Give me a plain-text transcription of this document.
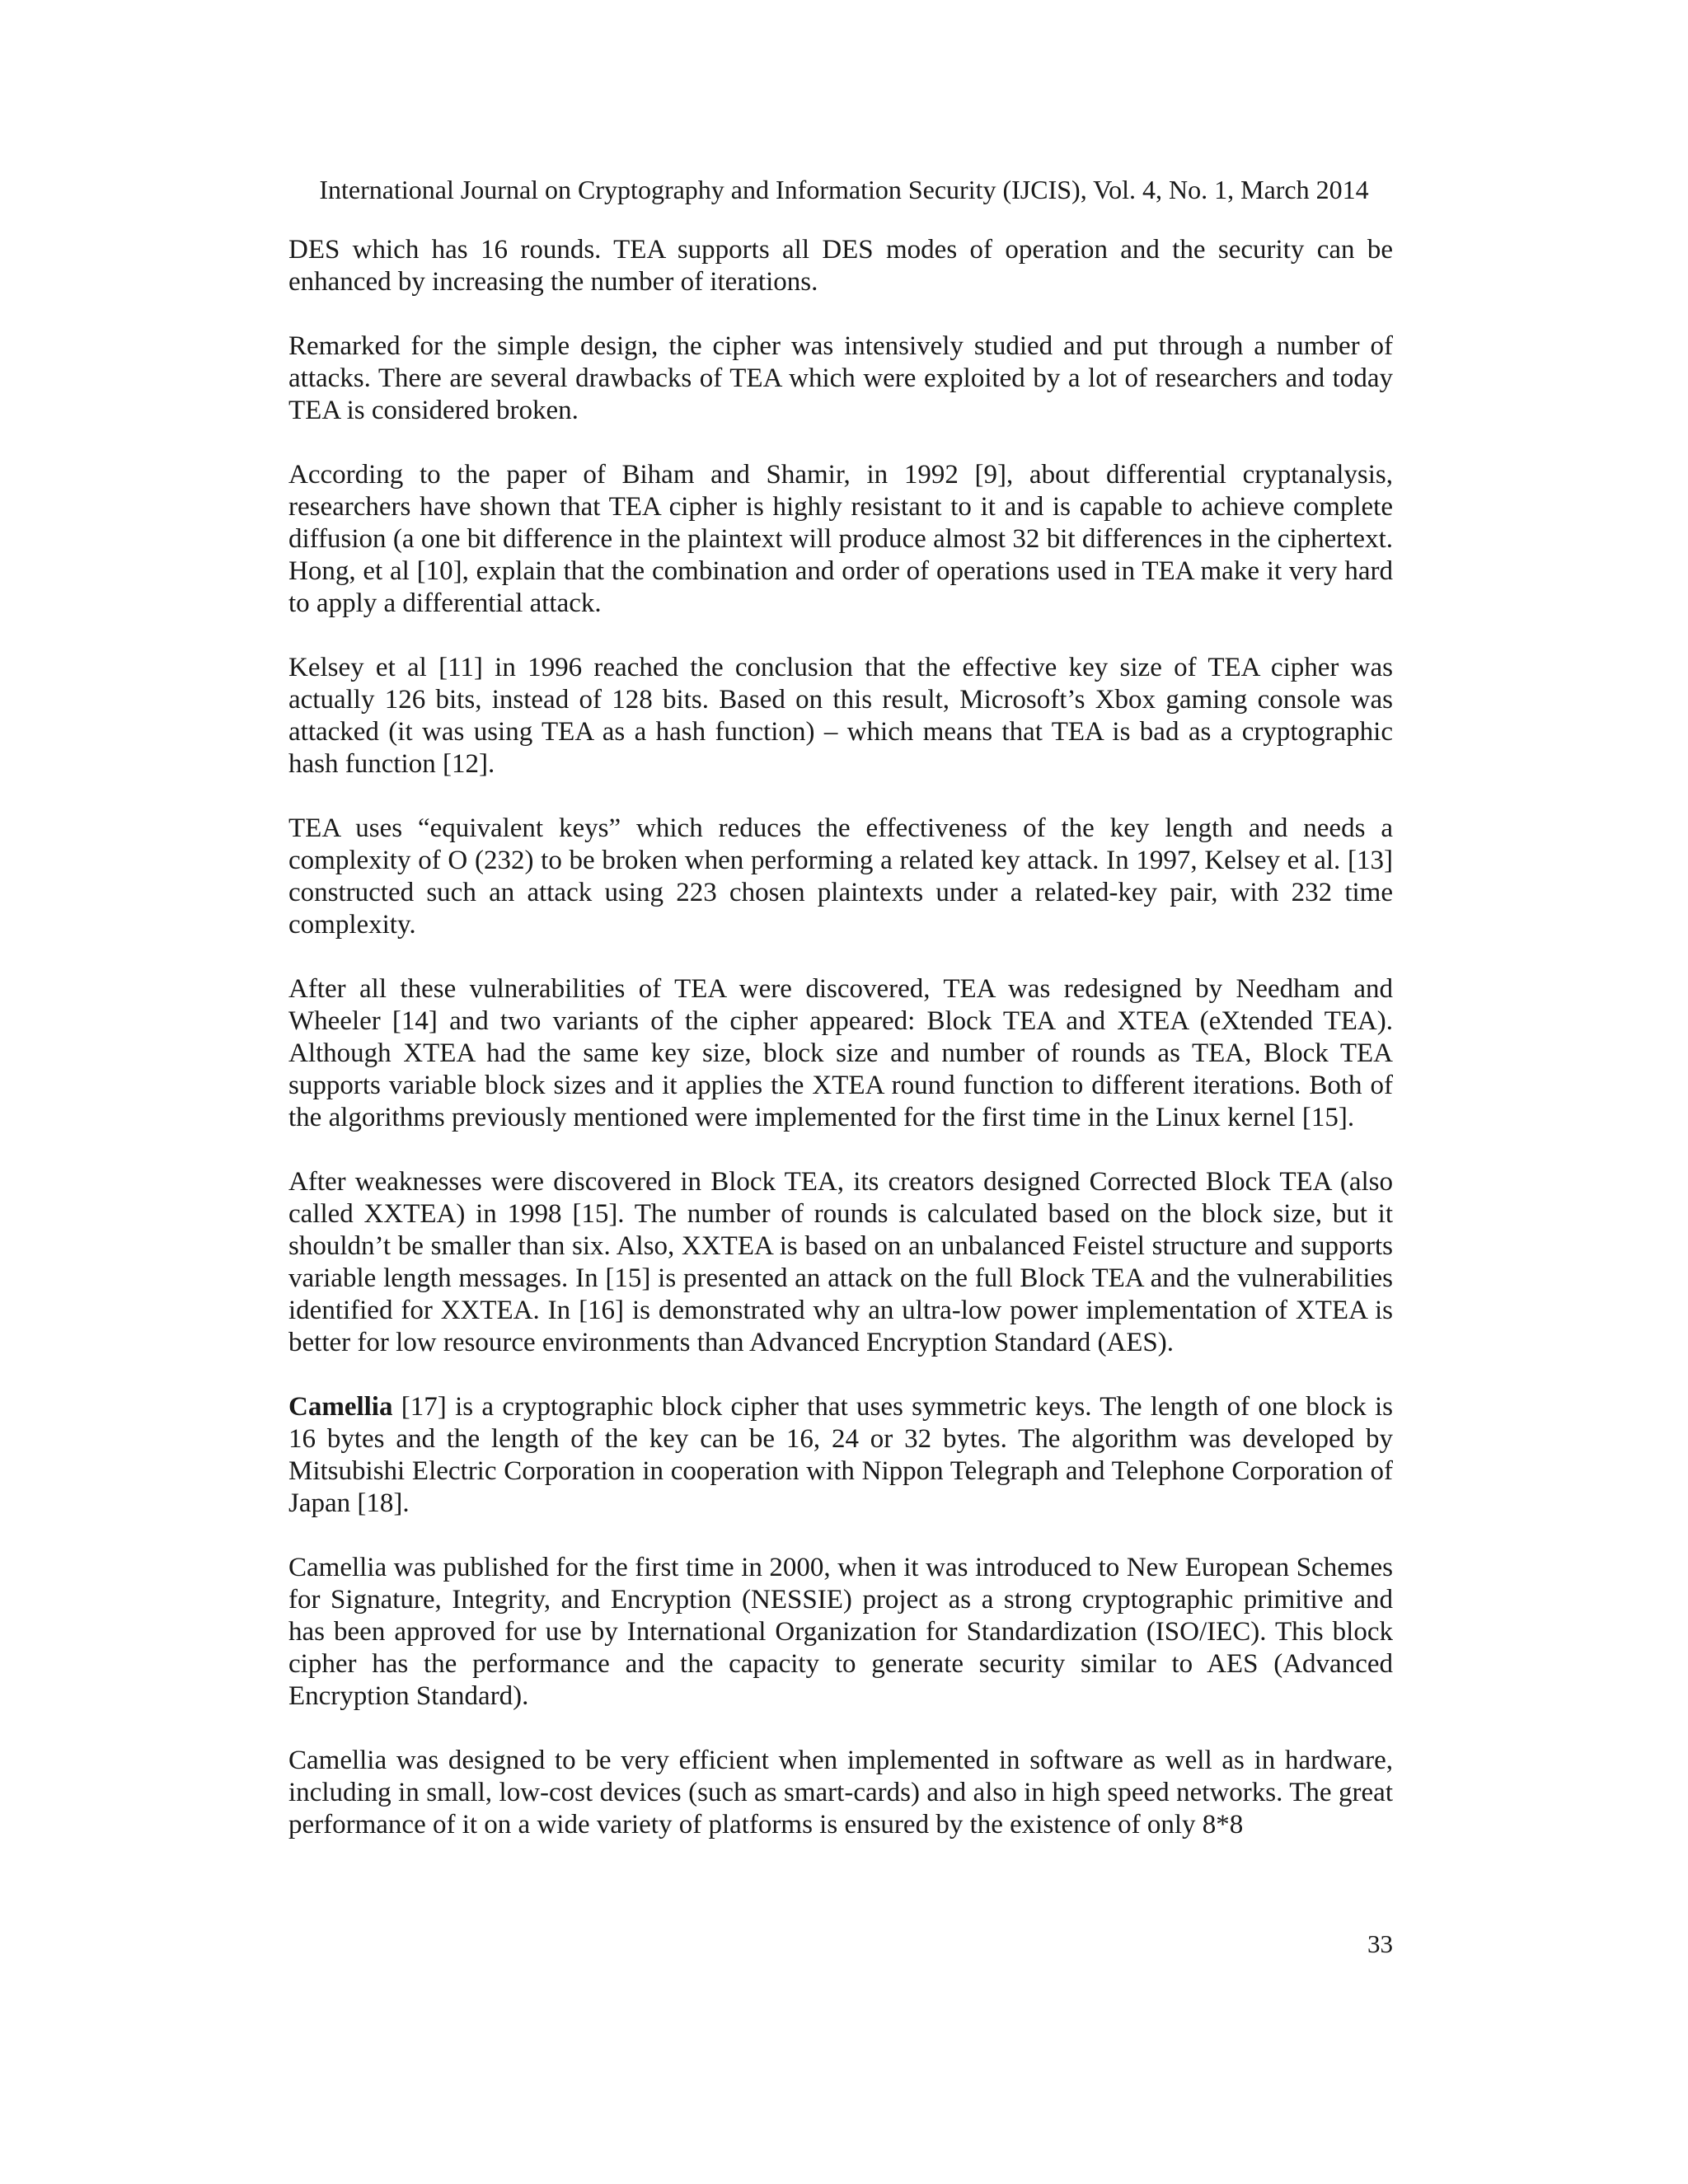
International Journal on Cryptography and Information Security (IJCIS), Vol. 4, No. 1, March 2014

DES which has 16 rounds. TEA supports all DES modes of operation and the security can be enhanced by increasing the number of iterations.

Remarked for the simple design, the cipher was intensively studied and put through a number of attacks. There are several drawbacks of TEA which were exploited by a lot of researchers and today TEA is considered broken.

According to the paper of Biham and Shamir, in 1992 [9], about differential cryptanalysis, researchers have shown that TEA cipher is highly resistant to it and is capable to achieve complete diffusion (a one bit difference in the plaintext will produce almost 32 bit differences in the ciphertext. Hong, et al [10], explain that the combination and order of operations used in TEA make it very hard to apply a differential attack.

Kelsey et al [11] in 1996 reached the conclusion that the effective key size of TEA cipher was actually 126 bits, instead of 128 bits. Based on this result, Microsoft’s Xbox gaming console was attacked (it was using TEA as a hash function) – which means that TEA is bad as a cryptographic hash function [12].

TEA uses “equivalent keys” which reduces the effectiveness of the key length and needs a complexity of O (232) to be broken when performing a related key attack. In 1997, Kelsey et al. [13] constructed such an attack using 223 chosen plaintexts under a related-key pair, with 232 time complexity.

After all these vulnerabilities of TEA were discovered, TEA was redesigned by Needham and Wheeler [14] and two variants of the cipher appeared: Block TEA and XTEA (eXtended TEA). Although XTEA had the same key size, block size and number of rounds as TEA, Block TEA supports variable block sizes and it applies the XTEA round function to different iterations. Both of the algorithms previously mentioned were implemented for the first time in the Linux kernel [15].

After weaknesses were discovered in Block TEA, its creators designed Corrected Block TEA (also called XXTEA) in 1998 [15]. The number of rounds is calculated based on the block size, but it shouldn’t be smaller than six. Also, XXTEA is based on an unbalanced Feistel structure and supports variable length messages. In [15] is presented an attack on the full Block TEA and the vulnerabilities identified for XXTEA. In [16] is demonstrated why an ultra-low power implementation of XTEA is better for low resource environments than Advanced Encryption Standard (AES).

Camellia [17] is a cryptographic block cipher that uses symmetric keys. The length of one block is 16 bytes and the length of the key can be 16, 24 or 32 bytes. The algorithm was developed by Mitsubishi Electric Corporation in cooperation with Nippon Telegraph and Telephone Corporation of Japan [18].

Camellia was published for the first time in 2000, when it was introduced to New European Schemes for Signature, Integrity, and Encryption (NESSIE) project as a strong cryptographic primitive and has been approved for use by International Organization for Standardization (ISO/IEC). This block cipher has the performance and the capacity to generate security similar to AES (Advanced Encryption Standard).

Camellia was designed to be very efficient when implemented in software as well as in hardware, including in small, low-cost devices (such as smart-cards) and also in high speed networks. The great performance of it on a wide variety of platforms is ensured by the existence of only 8*8

33
